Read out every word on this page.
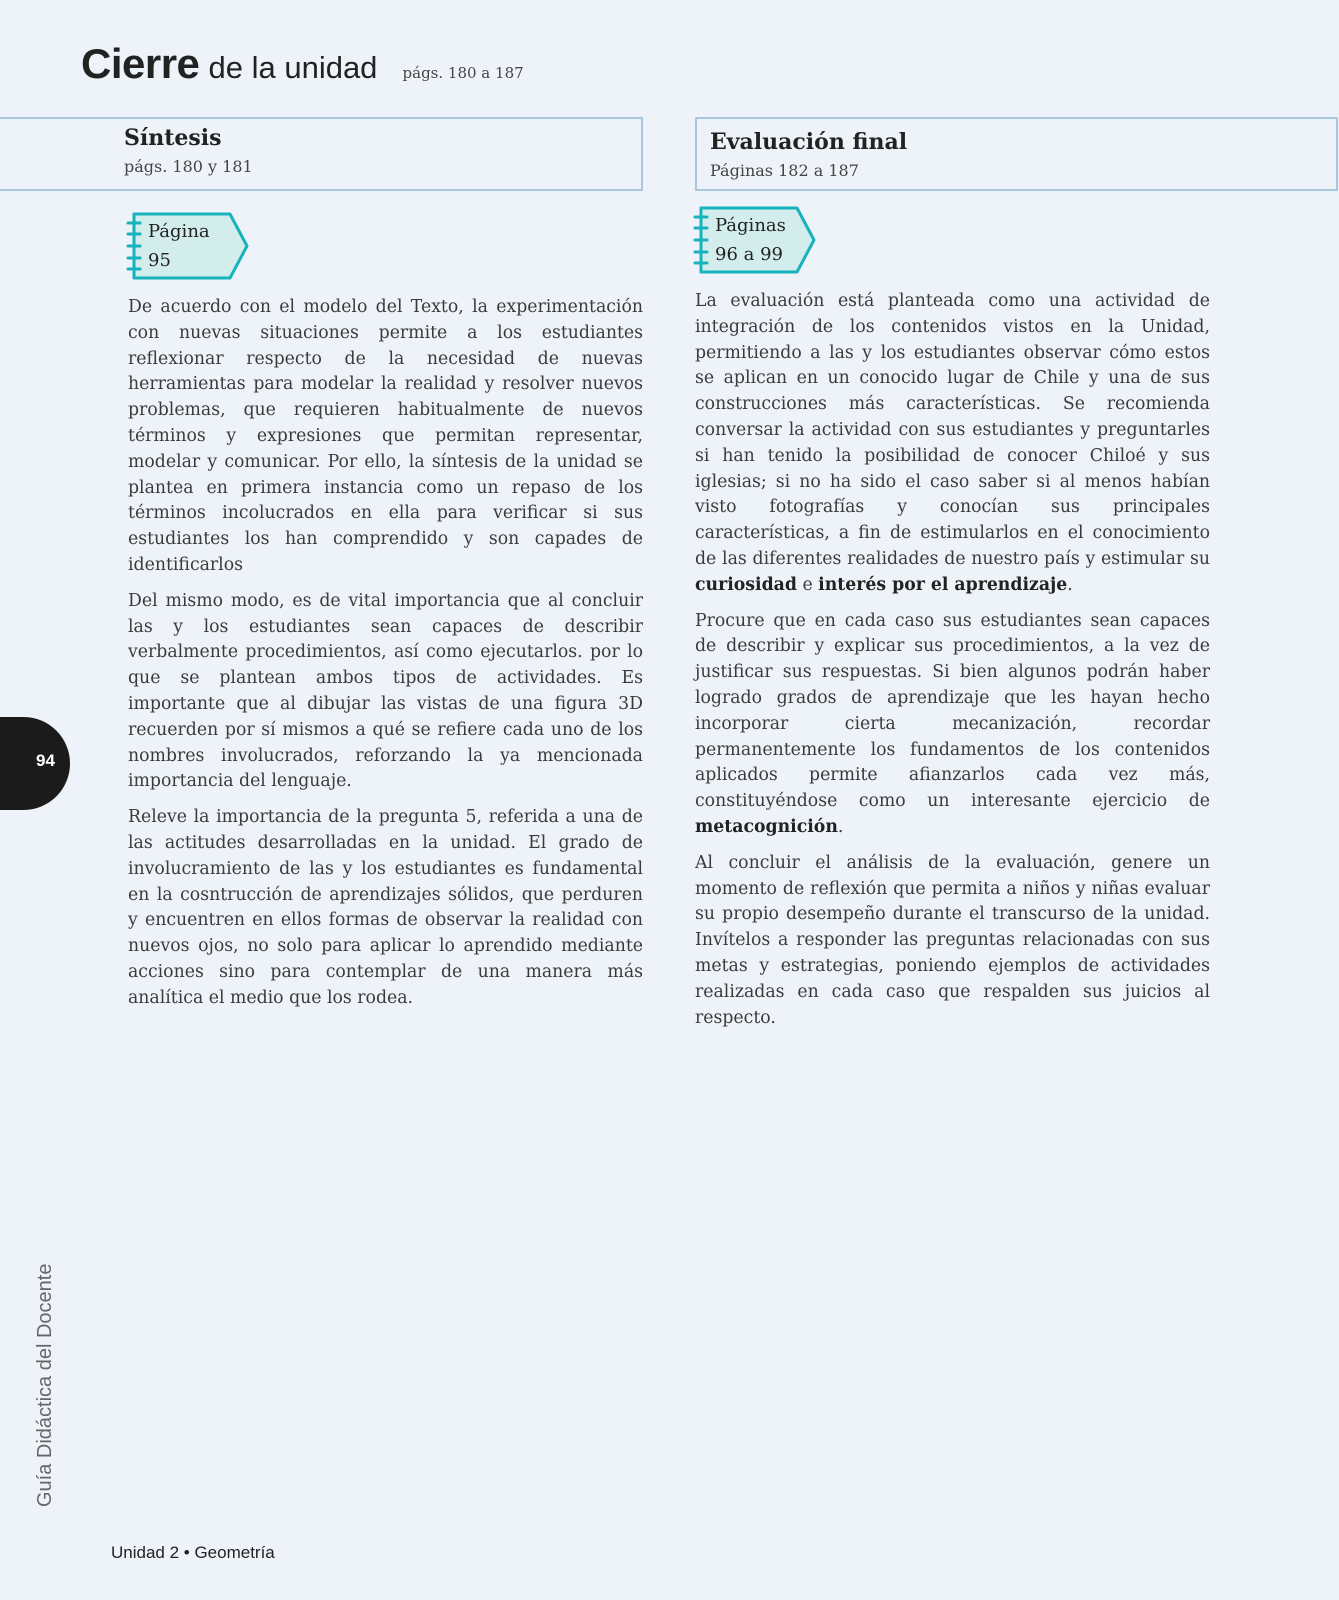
Cierre de la unidad págs. 180 a 187
Síntesis
págs. 180 y 181
Evaluación final
Páginas 182 a 187
Página
95
Páginas
96 a 99

De acuerdo con el modelo del Texto, la experimentación con nuevas situaciones permite a los estudiantes reflexionar respecto de la necesidad de nuevas herramientas para modelar la realidad y resolver nuevos problemas, que requieren habitualmente de nuevos términos y expresiones que permitan representar, modelar y comunicar. Por ello, la síntesis de la unidad se plantea en primera instancia como un repaso de los términos incolucrados en ella para verificar si sus estudiantes los han comprendido y son capades de identificarlos

Del mismo modo, es de vital importancia que al concluir las y los estudiantes sean capaces de describir verbalmente procedimientos, así como ejecutarlos. por lo que se plantean ambos tipos de actividades. Es importante que al dibujar las vistas de una figura 3D recuerden por sí mismos a qué se refiere cada uno de los nombres involucrados, reforzando la ya mencionada importancia del lenguaje.

Releve la importancia de la pregunta 5, referida a una de las actitudes desarrolladas en la unidad. El grado de involucramiento de las y los estudiantes es fundamental en la cosntrucción de aprendizajes sólidos, que perduren y encuentren en ellos formas de observar la realidad con nuevos ojos, no solo para aplicar lo aprendido mediante acciones sino para contemplar de una manera más analítica el medio que los rodea.

La evaluación está planteada como una actividad de integración de los contenidos vistos en la Unidad, permitiendo a las y los estudiantes observar cómo estos se aplican en un conocido lugar de Chile y una de sus construcciones más características. Se recomienda conversar la actividad con sus estudiantes y preguntarles si han tenido la posibilidad de conocer Chiloé y sus iglesias; si no ha sido el caso saber si al menos habían visto fotografías y conocían sus principales características, a fin de estimularlos en el conocimiento de las diferentes realidades de nuestro país y estimular su curiosidad e interés por el aprendizaje.

Procure que en cada caso sus estudiantes sean capaces de describir y explicar sus procedimientos, a la vez de justificar sus respuestas. Si bien algunos podrán haber logrado grados de aprendizaje que les hayan hecho incorporar cierta mecanización, recordar permanentemente los fundamentos de los contenidos aplicados permite afianzarlos cada vez más, constituyéndose como un interesante ejercicio de metacognición.

Al concluir el análisis de la evaluación, genere un momento de reflexión que permita a niños y niñas evaluar su propio desempeño durante el transcurso de la unidad. Invítelos a responder las preguntas relacionadas con sus metas y estrategias, poniendo ejemplos de actividades realizadas en cada caso que respalden sus juicios al respecto.

94
Guía Didáctica del Docente
Unidad 2 • Geometría
